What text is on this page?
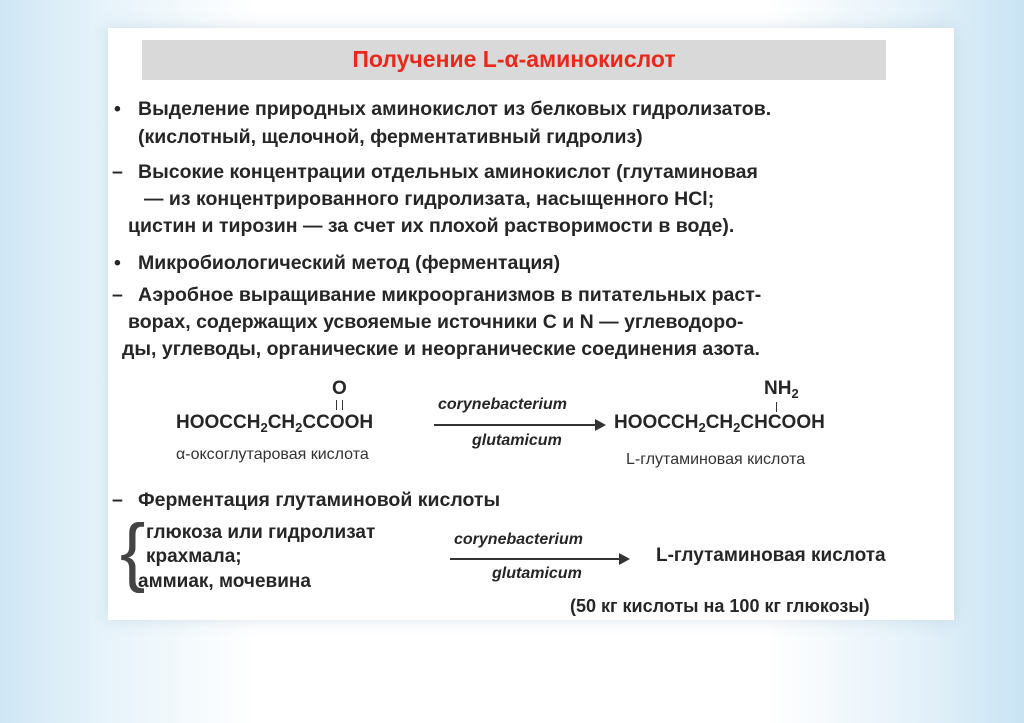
Получение L-α-аминокислот
• Выделение природных аминокислот из белковых гидролизатов.
(кислотный, щелочной, ферментативный гидролиз)
– Высокие концентрации отдельных аминокислот (глутаминовая
— из концентрированного гидролизата, насыщенного HCl;
цистин и тирозин — за счет их плохой растворимости в воде).
• Микробиологический метод (ферментация)
– Аэробное выращивание микроорганизмов в питательных раст-
ворах, содержащих усвояемые источники C и N — углеводоро-
ды, углеводы, органические и неорганические соединения азота.
O
$HOOCCH_2CH_2CCOOH$
α-оксоглутаровая кислота
corynebacterium
glutamicum
$NH_2$
$HOOCCH_2CH_2CHCOOH$
L-глутаминовая кислота
– Ферментация глутаминовой кислоты
{ глюкоза или гидролизат
крахмала;
аммиак, мочевина
corynebacterium
glutamicum
L-глутаминовая кислота
(50 кг кислоты на 100 кг глюкозы)
